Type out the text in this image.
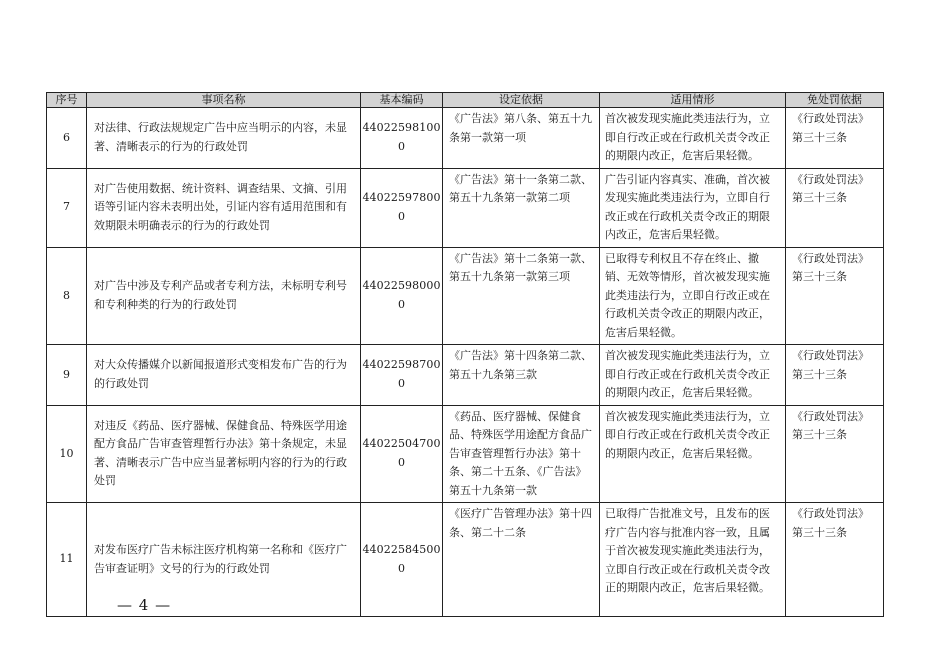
序号	事项名称	基本编码	设定依据	适用情形	免处罚依据
6	对法律、行政法规规定广告中应当明示的内容，未显著、清晰表示的行为的行政处罚	440225981000	《广告法》第八条、第五十九条第一款第一项	首次被发现实施此类违法行为，立即自行改正或在行政机关责令改正的期限内改正，危害后果轻微。	《行政处罚法》第三十三条
7	对广告使用数据、统计资料、调查结果、文摘、引用语等引证内容未表明出处，引证内容有适用范围和有效期限未明确表示的行为的行政处罚	440225978000	《广告法》第十一条第二款、第五十九条第一款第二项	广告引证内容真实、准确，首次被发现实施此类违法行为，立即自行改正或在行政机关责令改正的期限内改正，危害后果轻微。	《行政处罚法》第三十三条
8	对广告中涉及专利产品或者专利方法，未标明专利号和专利种类的行为的行政处罚	440225980000	《广告法》第十二条第一款、第五十九条第一款第三项	已取得专利权且不存在终止、撤销、无效等情形，首次被发现实施此类违法行为，立即自行改正或在行政机关责令改正的期限内改正，危害后果轻微。	《行政处罚法》第三十三条
9	对大众传播媒介以新闻报道形式变相发布广告的行为的行政处罚	440225987000	《广告法》第十四条第二款、第五十九条第三款	首次被发现实施此类违法行为，立即自行改正或在行政机关责令改正的期限内改正，危害后果轻微。	《行政处罚法》第三十三条
10	对违反《药品、医疗器械、保健食品、特殊医学用途配方食品广告审查管理暂行办法》第十条规定，未显著、清晰表示广告中应当显著标明内容的行为的行政处罚	440225047000	《药品、医疗器械、保健食品、特殊医学用途配方食品广告审查管理暂行办法》第十条、第二十五条、《广告法》第五十九条第一款	首次被发现实施此类违法行为，立即自行改正或在行政机关责令改正的期限内改正，危害后果轻微。	《行政处罚法》第三十三条
11	对发布医疗广告未标注医疗机构第一名称和《医疗广告审查证明》文号的行为的行政处罚	440225845000	《医疗广告管理办法》第十四条、第二十二条	已取得广告批准文号，且发布的医疗广告内容与批准内容一致，且属于首次被发现实施此类违法行为，立即自行改正或在行政机关责令改正的期限内改正，危害后果轻微。	《行政处罚法》第三十三条
— 4 —
